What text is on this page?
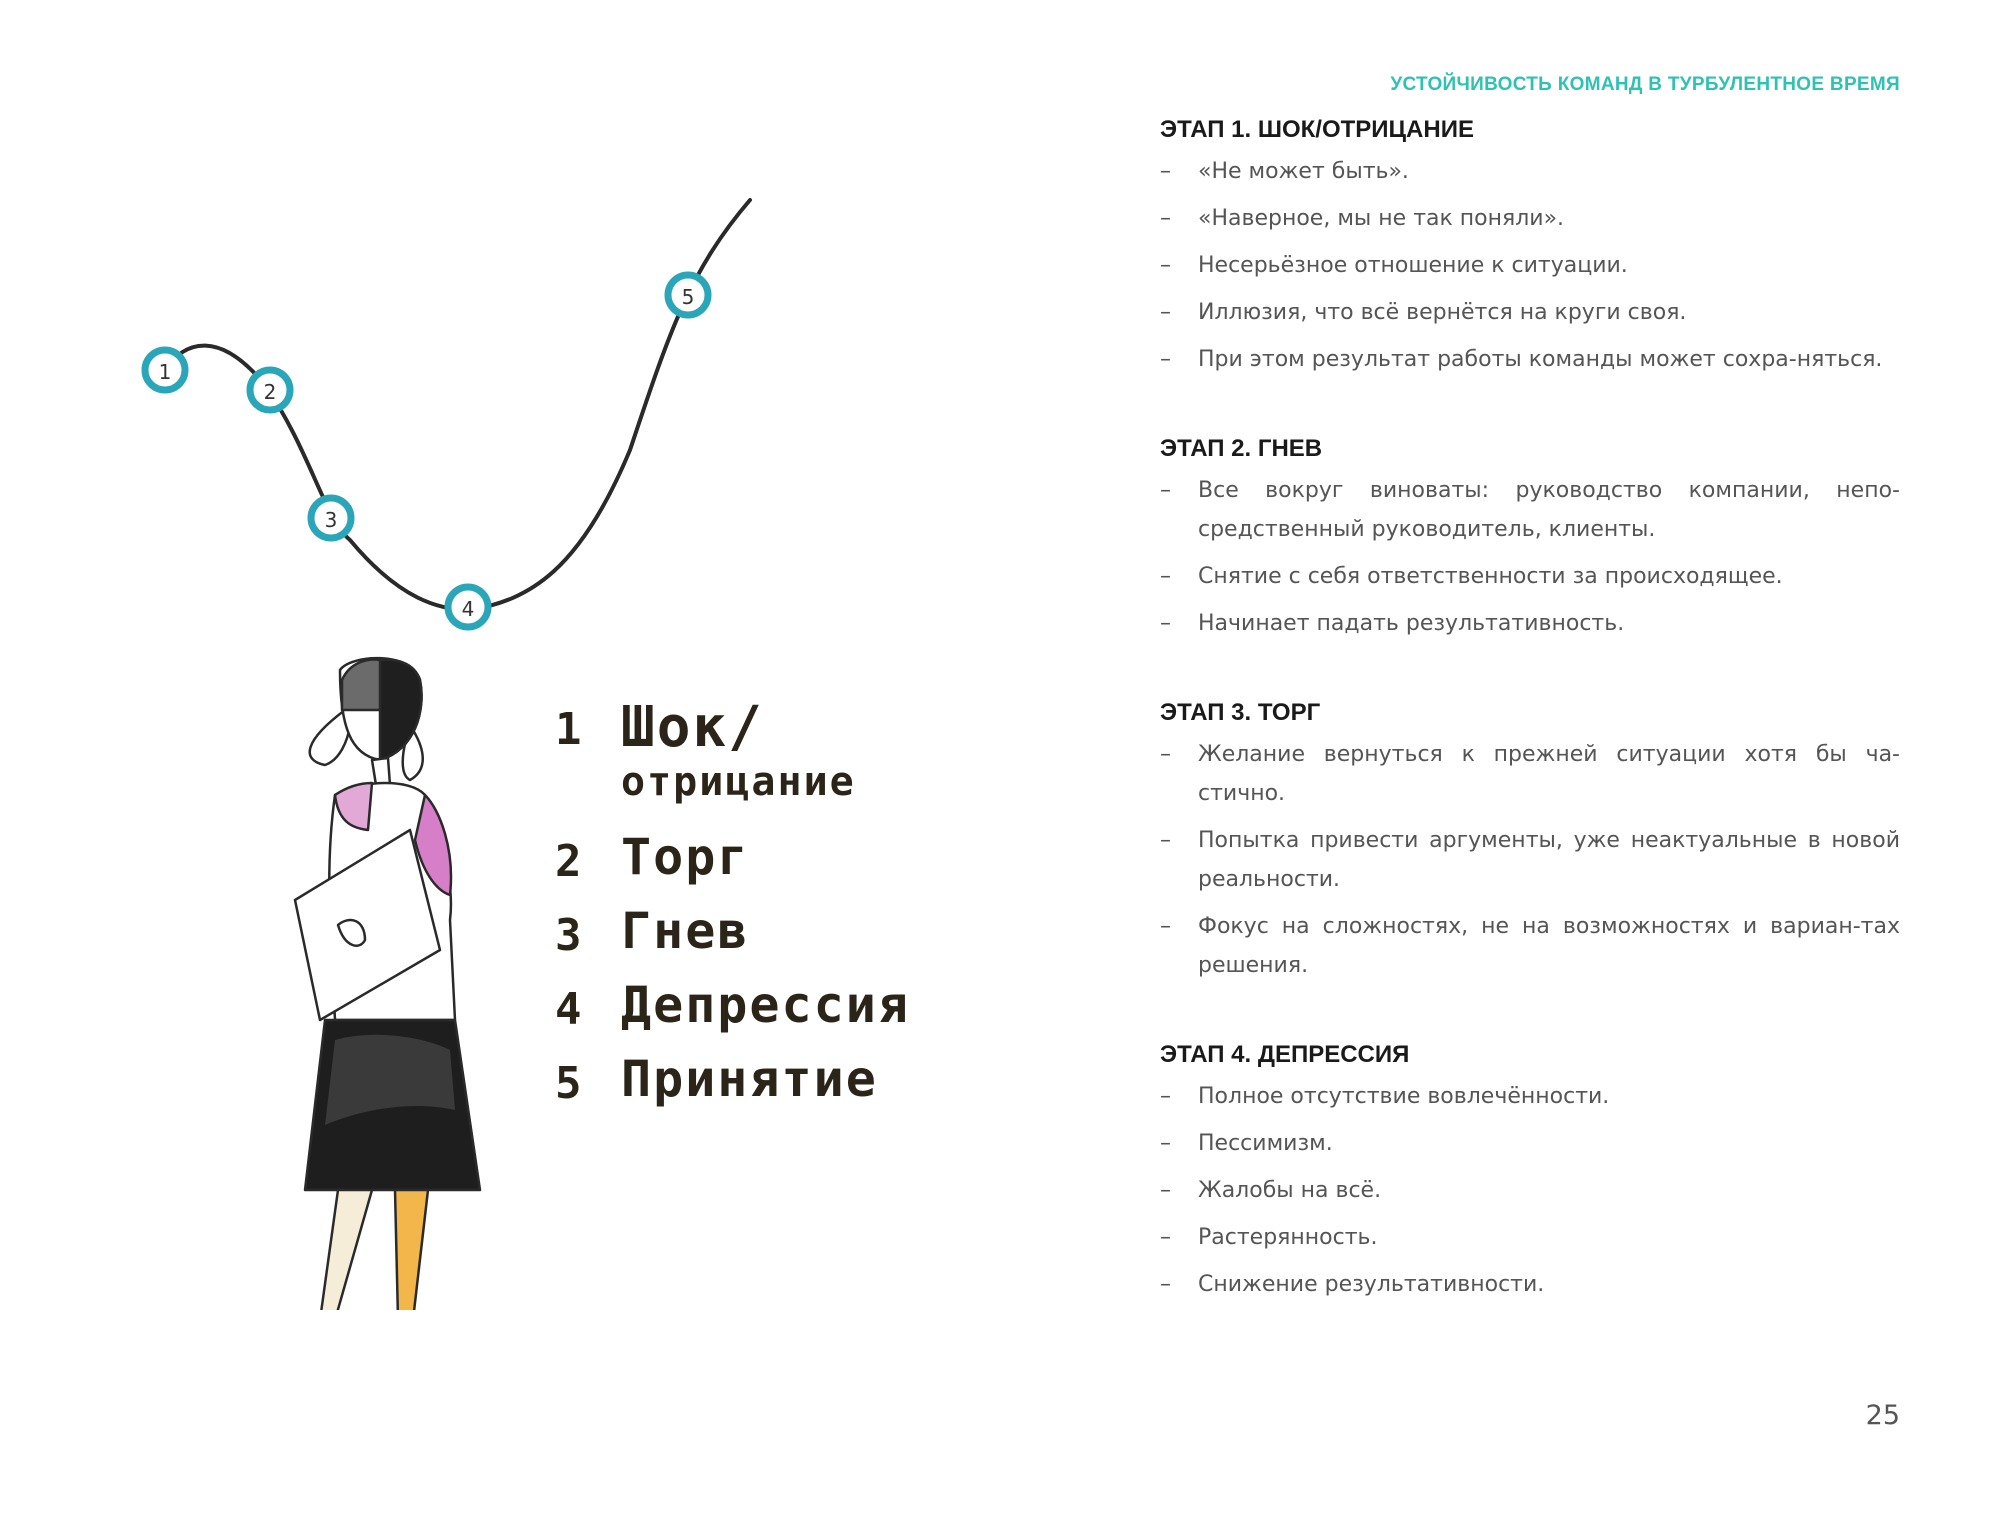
1
2
3
4
5
1 Шок/
отрицание
2 Торг
3 Гнев
4 Депрессия
5 Принятие
УСТОЙЧИВОСТЬ КОМАНД В ТУРБУЛЕНТНОЕ ВРЕМЯ
ЭТАП 1. ШОК/ОТРИЦАНИЕ
– «Не может быть».
– «Наверное, мы не так поняли».
– Несерьёзное отношение к ситуации.
– Иллюзия, что всё вернётся на круги своя.
– При этом результат работы команды может сохра-няться.
ЭТАП 2. ГНЕВ
– Все вокруг виноваты: руководство компании, непо-средственный руководитель, клиенты.
– Снятие с себя ответственности за происходящее.
– Начинает падать результативность.
ЭТАП 3. ТОРГ
– Желание вернуться к прежней ситуации хотя бы ча-стично.
– Попытка привести аргументы, уже неактуальные в новой реальности.
– Фокус на сложностях, не на возможностях и вариан-тах решения.
ЭТАП 4. ДЕПРЕССИЯ
– Полное отсутствие вовлечённости.
– Пессимизм.
– Жалобы на всё.
– Растерянность.
– Снижение результативности.
25
